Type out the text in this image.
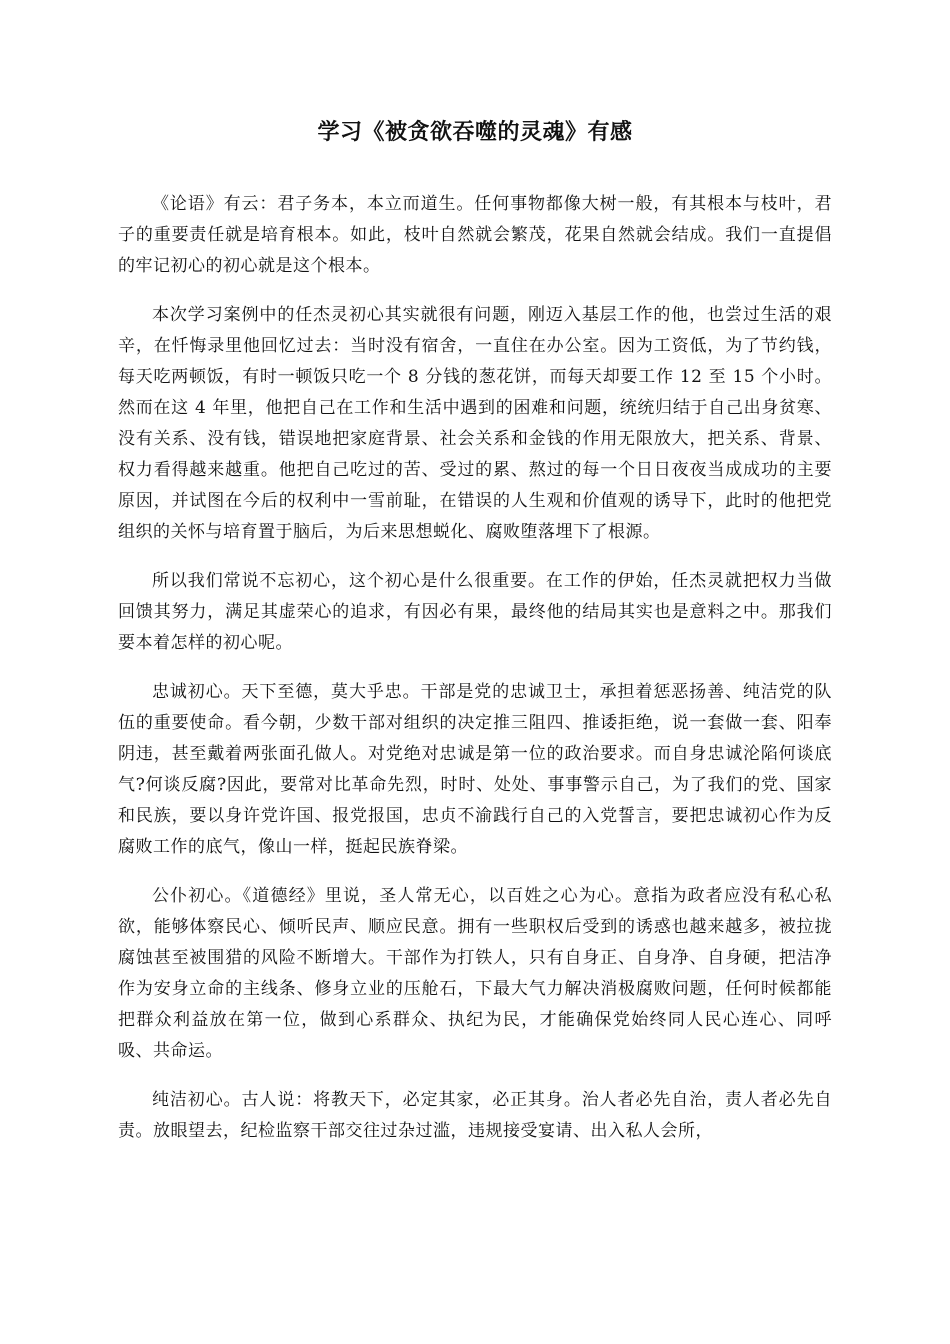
学习《被贪欲吞噬的灵魂》有感

《论语》有云：君子务本，本立而道生。任何事物都像大树一般，有其根本与枝叶，君子的重要责任就是培育根本。如此，枝叶自然就会繁茂，花果自然就会结成。我们一直提倡的牢记初心的初心就是这个根本。

本次学习案例中的任杰灵初心其实就很有问题，刚迈入基层工作的他，也尝过生活的艰辛，在忏悔录里他回忆过去：当时没有宿舍，一直住在办公室。因为工资低，为了节约钱，每天吃两顿饭，有时一顿饭只吃一个 8 分钱的葱花饼，而每天却要工作 12 至 15 个小时。然而在这 4 年里，他把自己在工作和生活中遇到的困难和问题，统统归结于自己出身贫寒、没有关系、没有钱，错误地把家庭背景、社会关系和金钱的作用无限放大，把关系、背景、权力看得越来越重。他把自己吃过的苦、受过的累、熬过的每一个日日夜夜当成成功的主要原因，并试图在今后的权利中一雪前耻，在错误的人生观和价值观的诱导下，此时的他把党组织的关怀与培育置于脑后，为后来思想蜕化、腐败堕落埋下了根源。

所以我们常说不忘初心，这个初心是什么很重要。在工作的伊始，任杰灵就把权力当做回馈其努力，满足其虚荣心的追求，有因必有果，最终他的结局其实也是意料之中。那我们要本着怎样的初心呢。

忠诚初心。天下至德，莫大乎忠。干部是党的忠诚卫士，承担着惩恶扬善、纯洁党的队伍的重要使命。看今朝，少数干部对组织的决定推三阻四、推诿拒绝，说一套做一套、阳奉阴违，甚至戴着两张面孔做人。对党绝对忠诚是第一位的政治要求。而自身忠诚沦陷何谈底气?何谈反腐?因此，要常对比革命先烈，时时、处处、事事警示自己，为了我们的党、国家和民族，要以身许党许国、报党报国，忠贞不渝践行自己的入党誓言，要把忠诚初心作为反腐败工作的底气，像山一样，挺起民族脊梁。

公仆初心。《道德经》里说，圣人常无心，以百姓之心为心。意指为政者应没有私心私欲，能够体察民心、倾听民声、顺应民意。拥有一些职权后受到的诱惑也越来越多，被拉拢腐蚀甚至被围猎的风险不断增大。干部作为打铁人，只有自身正、自身净、自身硬，把洁净作为安身立命的主线条、修身立业的压舱石，下最大气力解决消极腐败问题，任何时候都能把群众利益放在第一位，做到心系群众、执纪为民，才能确保党始终同人民心连心、同呼吸、共命运。

纯洁初心。古人说：将教天下，必定其家，必正其身。治人者必先自治，责人者必先自责。放眼望去，纪检监察干部交往过杂过滥，违规接受宴请、出入私人会所，
